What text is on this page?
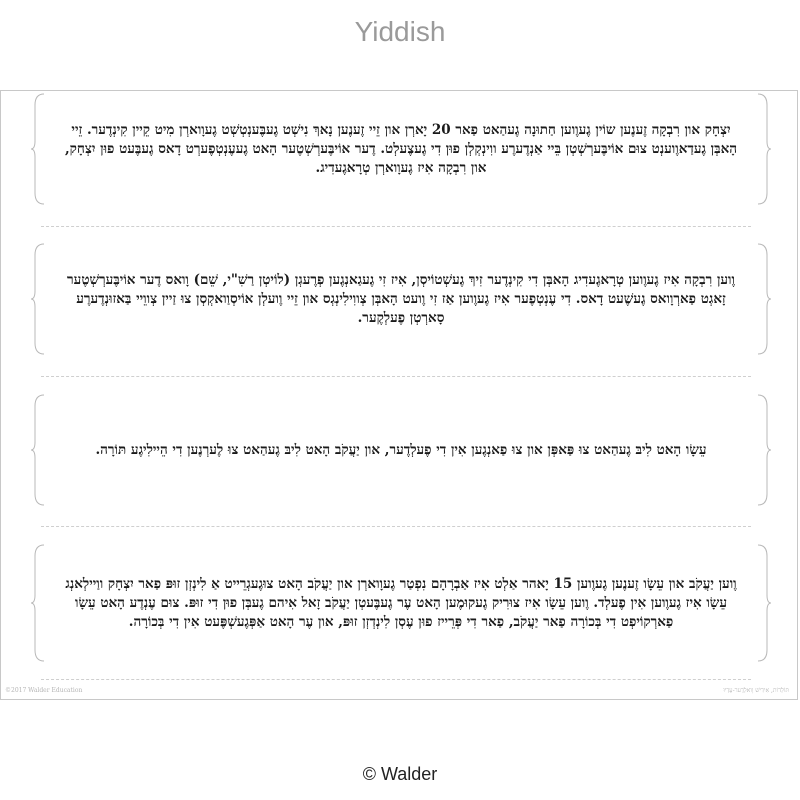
Yiddish
יִצְחָק און רִבְקָה זֶענֶען שוֹין גֶעוֶוען חַתוּנָה גֶעהַאט פַאר 20 יָארְן און זֵיי זֶענֶען נָאךְ נִישְׁט גֶעבֶּענְטְשְׁט גֶעוָוארְן מִיט קֵיין קִינְדֶער. זֵיי הָאבְּן גֶעדַאוֶוענְט צוּם אוֹיבֶּערְשְׁטְן בֵּיי אַנְדֶערֶע ווִינְקְלְן פוּן דִי גֶעצֶעלְט. דֶער אוֹיבֶּערְשְׁטֶער הָאט גֶעעֶנְטְפֶערְט דָאס גֶעבֶּעט פוּן יִצְחָק, און רִבְקָה אִיז גֶעוָוארְן טְרָאגֶעדִיג.
וֶוען רִבְקָה אִיז גֶעוֶוען טְרָאגֶעדִיג הָאבְּן דִי קִינְדֶער זִיךְ גֶעשְׁטוֹיסְן, אִיז זִי גֶעגַאנְגֶען פְרֶעגְן (לוֹיטְן רַשִׁ"י, שֵׁם) וָואס דֶער אוֹיבֶּערְשְׁטֶער זָאגְט פַארְוָואס גֶעשֶׁעט דָאס. דִי עֶנְטְפֶער אִיז גֶעוֶוען אַז זִי וֶועט הָאבְּן צְווִילִינְגְס און זֵיי וֶועלְן אוֹיסְוַואקְסְן צוּ זַיין צְווֵיי בַּאזוּנְדֶערֶע סָארְטְן פֶעלְקֶער.
עֵשָׂו הָאט לִיבּ גֶעהַאט צוּ פַּאפְּן און צוּ פַאנְגֶען אִין דִי פֶעלְדֶער, און יַעֲקֹב הָאט לִיבּ גֶעהַאט צוּ לֶערְנֶען דִי הֵיילִיגֶע תּוֹרָה.
וֶוען יַעֲקֹב און עֵשָׂו זֶענֶען גֶעוֶוען 15 יָאהר אַלְט אִיז אַבְרָהָם נִפְטַר גֶעוָוארְן און יַעֲקֹב הָאט צוּגֶעגְרֵייט אַ לִינְזְן זוּפּ פַאר יִצְחָק ווַיילְאנְג עֵשָׂו אִיז גֶעוֶוען אִין פֶעלְד. וֶוען עֵשָׂו אִיז צוּרִיק גֶעקוּמֶען הָאט עֶר גֶעבֶּעטְן יַעֲקֹב זָאל אִיהם גֶעבְּן פוּן דִי זוּפּ. צוּם עֶנְדֶע הָאט עֵשָׂו פַארְקוֹיפְט דִי בְּכוֹרָה פַאר יַעֲקֹב, פַאר דִי פְּרֵייז פוּן עֶסְן לִינְדְזְן זוּפּ, און עֶר הָאט אַפְּגֶעשְׁפֶּעט אִין דִי בְּכוֹרָה.
©2017 Walder Education	תּוֹלְדוֹת, אִידִישׁ וָואלְדֶער-עֶדְיוּ
© Walder
